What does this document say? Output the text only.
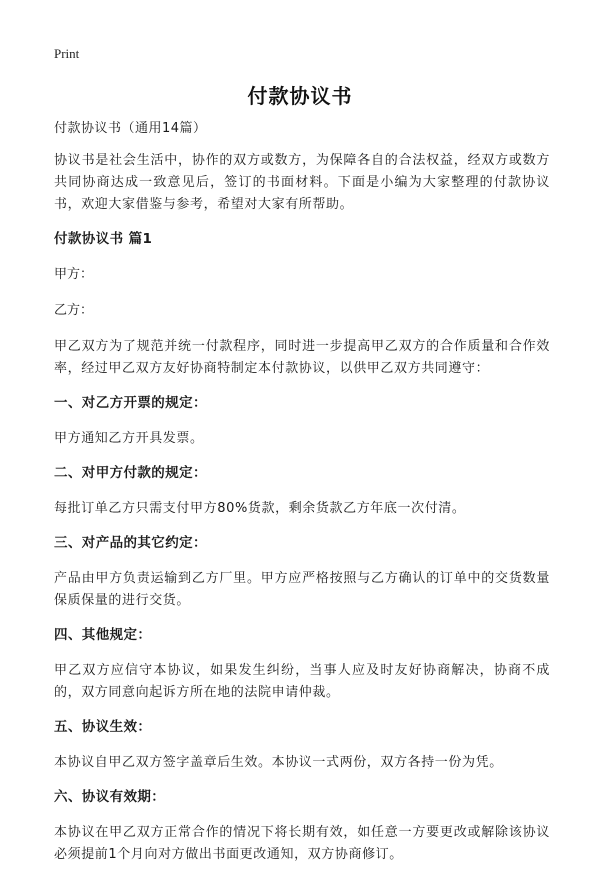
Print
付款协议书
付款协议书（通用14篇）
协议书是社会生活中，协作的双方或数方，为保障各自的合法权益，经双方或数方共同协商达成一致意见后，签订的书面材料。下面是小编为大家整理的付款协议书，欢迎大家借鉴与参考，希望对大家有所帮助。
付款协议书 篇1
甲方：
乙方：
甲乙双方为了规范并统一付款程序，同时进一步提高甲乙双方的合作质量和合作效率，经过甲乙双方友好协商特制定本付款协议，以供甲乙双方共同遵守：
一、对乙方开票的规定：
甲方通知乙方开具发票。
二、对甲方付款的规定：
每批订单乙方只需支付甲方80%货款，剩余货款乙方年底一次付清。
三、对产品的其它约定：
产品由甲方负责运输到乙方厂里。甲方应严格按照与乙方确认的订单中的交货数量保质保量的进行交货。
四、其他规定：
甲乙双方应信守本协议，如果发生纠纷，当事人应及时友好协商解决，协商不成的，双方同意向起诉方所在地的法院申请仲裁。
五、协议生效：
本协议自甲乙双方签字盖章后生效。本协议一式两份，双方各持一份为凭。
六、协议有效期：
本协议在甲乙双方正常合作的情况下将长期有效，如任意一方要更改或解除该协议必须提前1个月向对方做出书面更改通知，双方协商修订。
